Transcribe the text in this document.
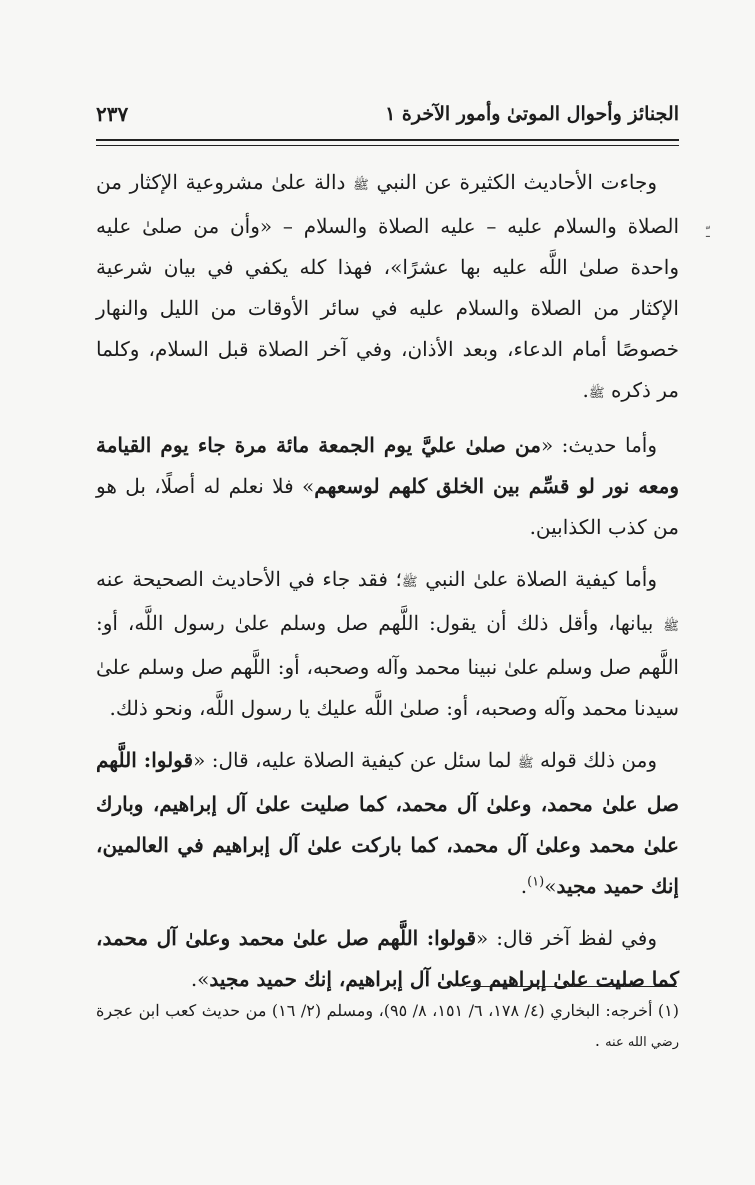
الجنائز وأحوال الموتىٰ وأمور الآخرة ١
٢٣٧
ـّ

وجاءت الأحاديث الكثيرة عن النبي ﷺ دالة علىٰ مشروعية الإكثار من الصلاة والسلام عليه – عليه الصلاة والسلام – «وأن من صلىٰ عليه واحدة صلىٰ اللَّه عليه بها عشرًا»، فهذا كله يكفي في بيان شرعية الإكثار من الصلاة والسلام عليه في سائر الأوقات من الليل والنهار خصوصًا أمام الدعاء، وبعد الأذان، وفي آخر الصلاة قبل السلام، وكلما مر ذكره ﷺ.

وأما حديث: «من صلىٰ عليَّ يوم الجمعة مائة مرة جاء يوم القيامة ومعه نور لو قسِّم بين الخلق كلهم لوسعهم» فلا نعلم له أصلًا، بل هو من كذب الكذابين.

وأما كيفية الصلاة علىٰ النبي ﷺ؛ فقد جاء في الأحاديث الصحيحة عنه ﷺ بيانها، وأقل ذلك أن يقول: اللَّهم صل وسلم علىٰ رسول اللَّه، أو: اللَّهم صل وسلم علىٰ نبينا محمد وآله وصحبه، أو: اللَّهم صل وسلم علىٰ سيدنا محمد وآله وصحبه، أو: صلىٰ اللَّه عليك يا رسول اللَّه، ونحو ذلك.

ومن ذلك قوله ﷺ لما سئل عن كيفية الصلاة عليه، قال: «قولوا: اللَّهم صل علىٰ محمد، وعلىٰ آل محمد، كما صليت علىٰ آل إبراهيم، وبارك علىٰ محمد وعلىٰ آل محمد، كما باركت علىٰ آل إبراهيم في العالمين، إنك حميد مجيد»$^{(١)}$.

وفي لفظ آخر قال: «قولوا: اللَّهم صل علىٰ محمد وعلىٰ آل محمد، كما صليت علىٰ إبراهيم وعلىٰ آل إبراهيم، إنك حميد مجيد».

(١) أخرجه: البخاري (٤/ ١٧٨، ٦/ ١٥١، ٨/ ٩٥)، ومسلم (٢/ ١٦) من حديث كعب ابن عجرة رضي الله عنه .
